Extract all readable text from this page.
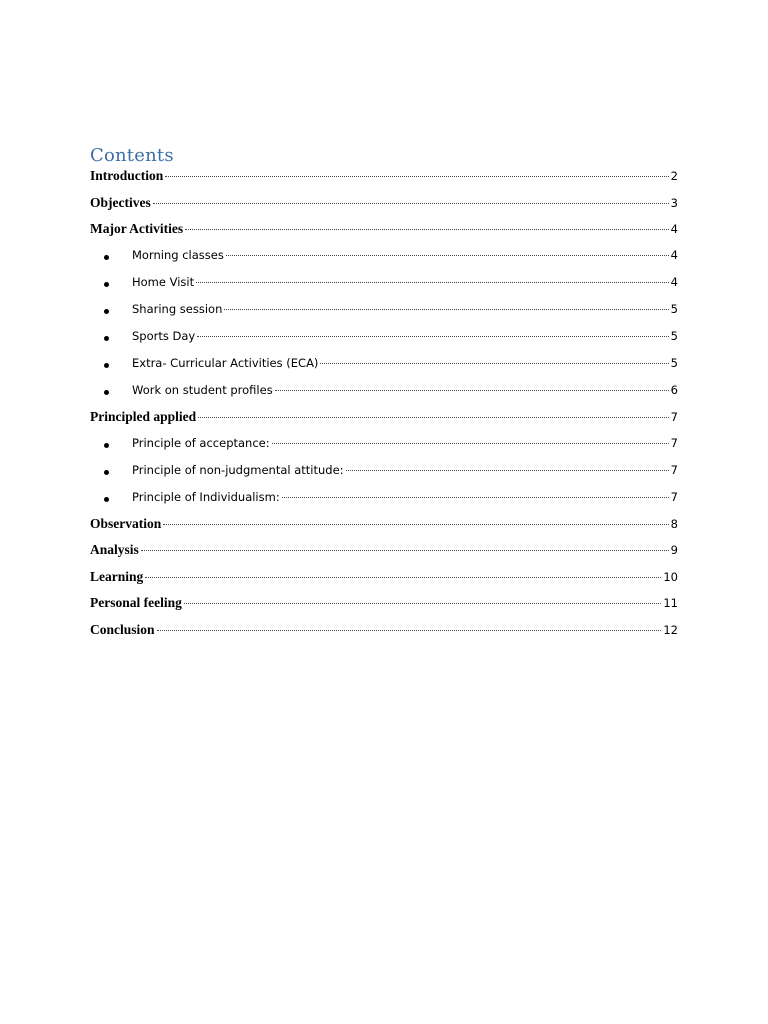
Contents
Introduction	2
Objectives	3
Major Activities	4
Morning classes	4
Home Visit	4
Sharing session	5
Sports Day	5
Extra- Curricular Activities (ECA)	5
Work on student profiles	6
Principled applied	7
Principle of acceptance:	7
Principle of non-judgmental attitude:	7
Principle of Individualism:	7
Observation	8
Analysis	9
Learning	10
Personal feeling	11
Conclusion	12
